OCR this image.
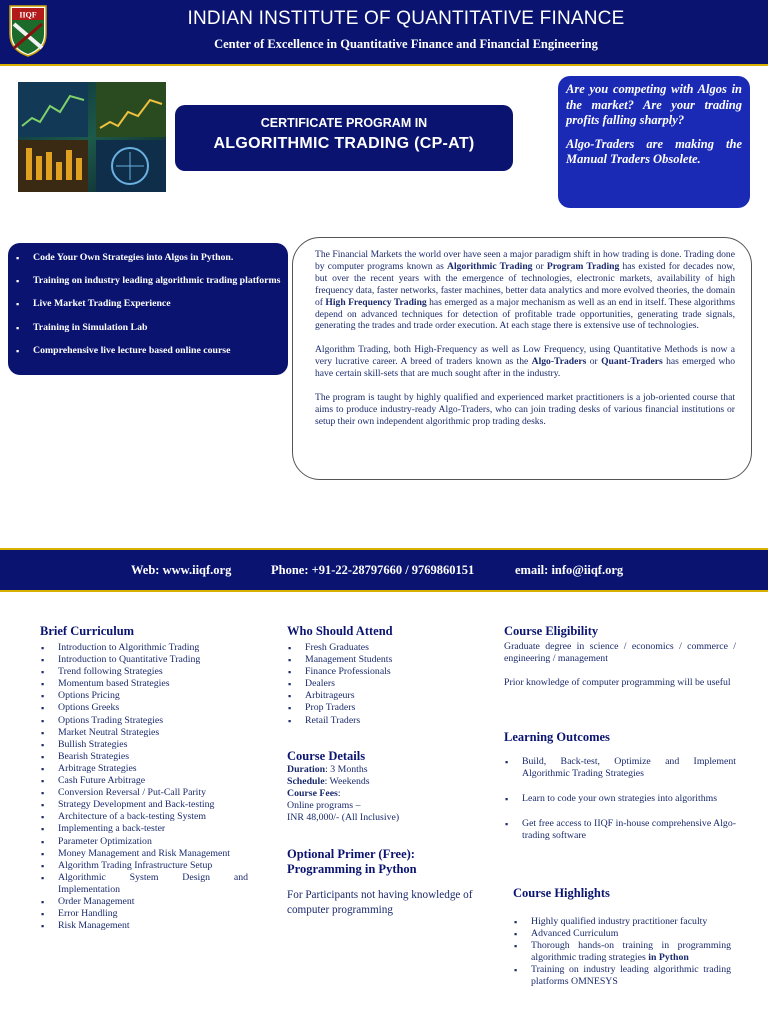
IIQF	INDIAN INSTITUTE OF QUANTITATIVE FINANCE
Center of Excellence in Quantitative Finance and Financial Engineering
CERTIFICATE PROGRAM IN
ALGORITHMIC TRADING (CP-AT)

Are you competing with Algos in the market? Are your trading profits falling sharply?

Algo-Traders are making the Manual Traders Obsolete.

▪ Code Your Own Strategies into Algos in Python.
▪ Training on industry leading algorithmic trading platforms
▪ Live Market Trading Experience
▪ Training in Simulation Lab
▪ Comprehensive live lecture based online course

The Financial Markets the world over have seen a major paradigm shift in how trading is done. Trading done by computer programs known as Algorithmic Trading or Program Trading has existed for decades now, but over the recent years with the emergence of technologies, electronic markets, availability of high frequency data, faster networks, faster machines, better data analytics and more evolved theories, the domain of High Frequency Trading has emerged as a major mechanism as well as an end in itself. These algorithms depend on advanced techniques for detection of profitable trade opportunities, generating trade signals, generating the trades and trade order execution. At each stage there is extensive use of technologies.

Algorithm Trading, both High-Frequency as well as Low Frequency, using Quantitative Methods is now a very lucrative career. A breed of traders known as the Algo-Traders or Quant-Traders has emerged who have certain skill-sets that are much sought after in the industry.

The program is taught by highly qualified and experienced market practitioners is a job-oriented course that aims to produce industry-ready Algo-Traders, who can join trading desks of various financial institutions or setup their own independent algorithmic prop trading desks.

Web: www.iiqf.org	Phone: +91-22-28797660 / 9769860151	email: info@iiqf.org
Brief Curriculum
▪ Introduction to Algorithmic Trading
▪ Introduction to Quantitative Trading
▪ Trend following Strategies
▪ Momentum based Strategies
▪ Options Pricing
▪ Options Greeks
▪ Options Trading Strategies
▪ Market Neutral Strategies
▪ Bullish Strategies
▪ Bearish Strategies
▪ Arbitrage Strategies
▪ Cash Future Arbitrage
▪ Conversion Reversal / Put-Call Parity
▪ Strategy Development and Back-testing
▪ Architecture of a back-testing System
▪ Implementing a back-tester
▪ Parameter Optimization
▪ Money Management and Risk Management
▪ Algorithm Trading Infrastructure Setup
▪ Algorithmic System Design and
Implementation
▪ Order Management
▪ Error Handling
▪ Risk Management
Who Should Attend
▪ Fresh Graduates
▪ Management Students
▪ Finance Professionals
▪ Dealers
▪ Arbitrageurs
▪ Prop Traders
▪ Retail Traders
Course Details
Duration: 3 Months
Schedule: Weekends
Course Fees:
Online programs –
INR 48,000/- (All Inclusive)
Optional Primer (Free):
Programming in Python
For Participants not having knowledge of computer programming
Course Eligibility

Graduate degree in science / economics / commerce / engineering / management

Prior knowledge of computer programming will be useful

Learning Outcomes
▪ Build, Back-test, Optimize and Implement Algorithmic Trading Strategies
▪ Learn to code your own strategies into algorithms
▪ Get free access to IIQF in-house comprehensive Algo-trading software
Course Highlights
▪ Highly qualified industry practitioner faculty
▪ Advanced Curriculum
▪ Thorough hands-on training in programming algorithmic trading strategies in Python
▪ Training on industry leading algorithmic trading platforms OMNESYS
